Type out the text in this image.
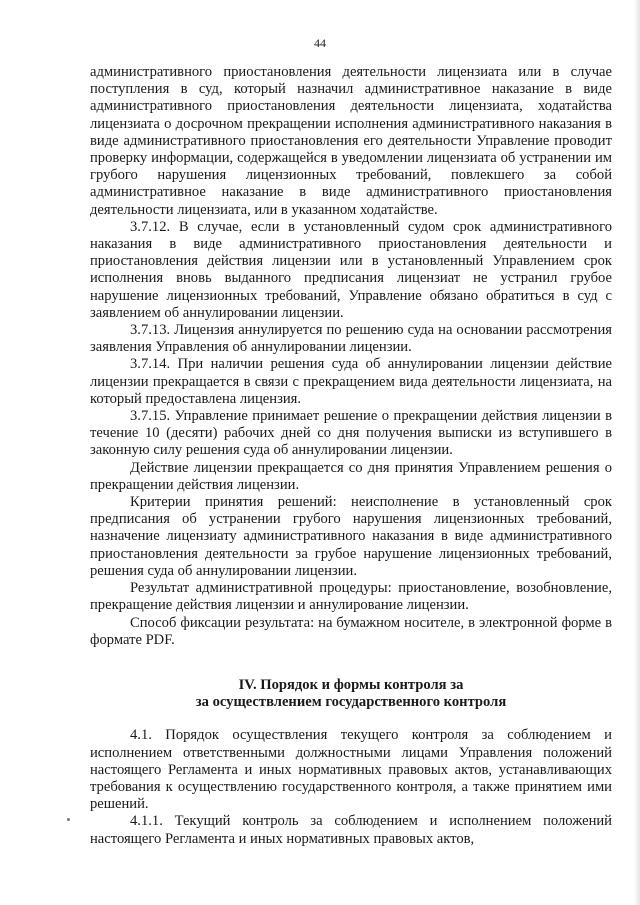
44

административного приостановления деятельности лицензиата или в случае поступления в суд, который назначил административное наказание в виде административного приостановления деятельности лицензиата, ходатайства лицензиата о досрочном прекращении исполнения административного наказания в виде административного приостановления его деятельности Управление проводит проверку информации, содержащейся в уведомлении лицензиата об устранении им грубого нарушения лицензионных требований, повлекшего за собой административное наказание в виде административного приостановления деятельности лицензиата, или в указанном ходатайстве.

3.7.12. В случае, если в установленный судом срок административного наказания в виде административного приостановления деятельности и приостановления действия лицензии или в установленный Управлением срок исполнения вновь выданного предписания лицензиат не устранил грубое нарушение лицензионных требований, Управление обязано обратиться в суд с заявлением об аннулировании лицензии.

3.7.13. Лицензия аннулируется по решению суда на основании рассмотрения заявления Управления об аннулировании лицензии.

3.7.14. При наличии решения суда об аннулировании лицензии действие лицензии прекращается в связи с прекращением вида деятельности лицензиата, на который предоставлена лицензия.

3.7.15. Управление принимает решение о прекращении действия лицензии в течение 10 (десяти) рабочих дней со дня получения выписки из вступившего в законную силу решения суда об аннулировании лицензии.

Действие лицензии прекращается со дня принятия Управлением решения о прекращении действия лицензии.

Критерии принятия решений: неисполнение в установленный срок предписания об устранении грубого нарушения лицензионных требований, назначение лицензиату административного наказания в виде административного приостановления деятельности за грубое нарушение лицензионных требований, решения суда об аннулировании лицензии.

Результат административной процедуры: приостановление, возобновление, прекращение действия лицензии и аннулирование лицензии.

Способ фиксации результата: на бумажном носителе, в электронной форме в формате PDF.

IV. Порядок и формы контроля за
за осуществлением государственного контроля

4.1. Порядок осуществления текущего контроля за соблюдением и исполнением ответственными должностными лицами Управления положений настоящего Регламента и иных нормативных правовых актов, устанавливающих требования к осуществлению государственного контроля, а также принятием ими решений.

4.1.1. Текущий контроль за соблюдением и исполнением положений настоящего Регламента и иных нормативных правовых актов,
